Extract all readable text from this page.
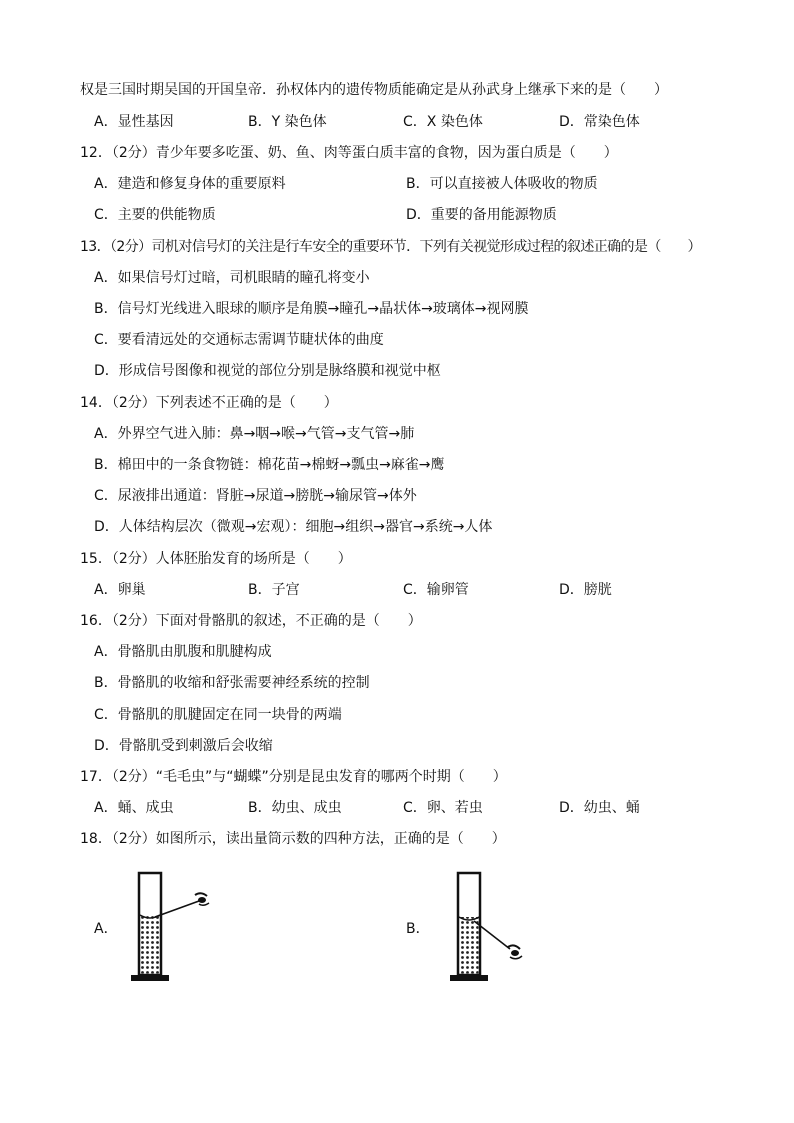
权是三国时期吴国的开国皇帝．孙权体内的遗传物质能确定是从孙武身上继承下来的是（　　）
A．显性基因	B．Y 染色体	C．X 染色体	D．常染色体
12．（2分）青少年要多吃蛋、奶、鱼、肉等蛋白质丰富的食物，因为蛋白质是（　　）
A．建造和修复身体的重要原料	B．可以直接被人体吸收的物质
C．主要的供能物质	D．重要的备用能源物质
13．（2分）司机对信号灯的关注是行车安全的重要环节．下列有关视觉形成过程的叙述正确的是（　　）
A．如果信号灯过暗，司机眼睛的瞳孔将变小
B．信号灯光线进入眼球的顺序是角膜→瞳孔→晶状体→玻璃体→视网膜
C．要看清远处的交通标志需调节睫状体的曲度
D．形成信号图像和视觉的部位分别是脉络膜和视觉中枢
14．（2分）下列表述不正确的是（　　）
A．外界空气进入肺：鼻→咽→喉→气管→支气管→肺
B．棉田中的一条食物链：棉花苗→棉蚜→瓢虫→麻雀→鹰
C．尿液排出通道：肾脏→尿道→膀胱→输尿管→体外
D．人体结构层次（微观→宏观）：细胞→组织→器官→系统→人体
15．（2分）人体胚胎发育的场所是（　　）
A．卵巢	B．子宫	C．输卵管	D．膀胱
16．（2分）下面对骨骼肌的叙述，不正确的是（　　）
A．骨骼肌由肌腹和肌腱构成
B．骨骼肌的收缩和舒张需要神经系统的控制
C．骨骼肌的肌腱固定在同一块骨的两端
D．骨骼肌受到刺激后会收缩
17．（2分）“毛毛虫”与“蝴蝶”分别是昆虫发育的哪两个时期（　　）
A．蛹、成虫	B．幼虫、成虫	C．卵、若虫	D．幼虫、蛹
18．（2分）如图所示，读出量筒示数的四种方法，正确的是（　　）
A．	B．
